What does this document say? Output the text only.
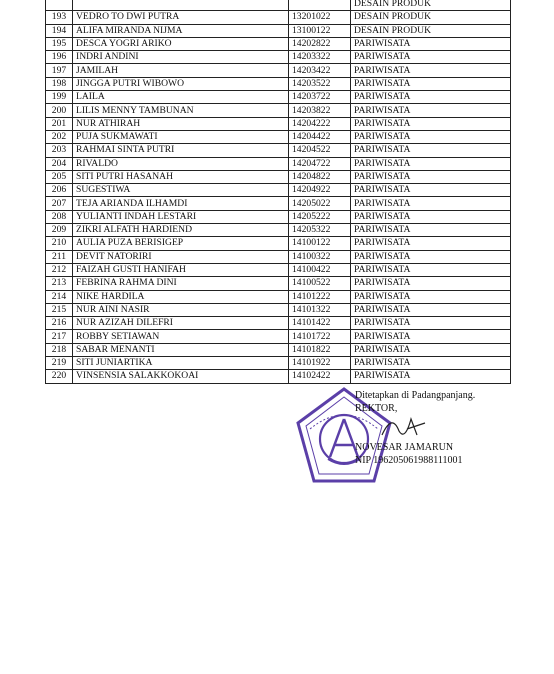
			DESAIN PRODUK
193	VEDRO TO DWI PUTRA	13201022	DESAIN PRODUK
194	ALIFA MIRANDA NIJMA	13100122	DESAIN PRODUK
195	DESCA YOGRI ARIKO	14202822	PARIWISATA
196	INDRI ANDINI	14203322	PARIWISATA
197	JAMILAH	14203422	PARIWISATA
198	JINGGA PUTRI WIBOWO	14203522	PARIWISATA
199	LAILA	14203722	PARIWISATA
200	LILIS MENNY TAMBUNAN	14203822	PARIWISATA
201	NUR ATHIRAH	14204222	PARIWISATA
202	PUJA SUKMAWATI	14204422	PARIWISATA
203	RAHMAI SINTA PUTRI	14204522	PARIWISATA
204	RIVALDO	14204722	PARIWISATA
205	SITI PUTRI HASANAH	14204822	PARIWISATA
206	SUGESTIWA	14204922	PARIWISATA
207	TEJA ARIANDA ILHAMDI	14205022	PARIWISATA
208	YULIANTI INDAH LESTARI	14205222	PARIWISATA
209	ZIKRI ALFATH HARDIEND	14205322	PARIWISATA
210	AULIA PUZA BERISIGEP	14100122	PARIWISATA
211	DEVIT NATORIRI	14100322	PARIWISATA
212	FAIZAH GUSTI HANIFAH	14100422	PARIWISATA
213	FEBRINA RAHMA DINI	14100522	PARIWISATA
214	NIKE HARDILA	14101222	PARIWISATA
215	NUR AINI NASIR	14101322	PARIWISATA
216	NUR AZIZAH DILEFRI	14101422	PARIWISATA
217	ROBBY SETIAWAN	14101722	PARIWISATA
218	SABAR MENANTI	14101822	PARIWISATA
219	SITI JUNIARTIKA	14101922	PARIWISATA
220	VINSENSIA SALAKKOKOAI	14102422	PARIWISATA
Ditetapkan di Padangpanjang.
REKTOR,
NOVESAR JAMARUN
NIP 196205061988111001
